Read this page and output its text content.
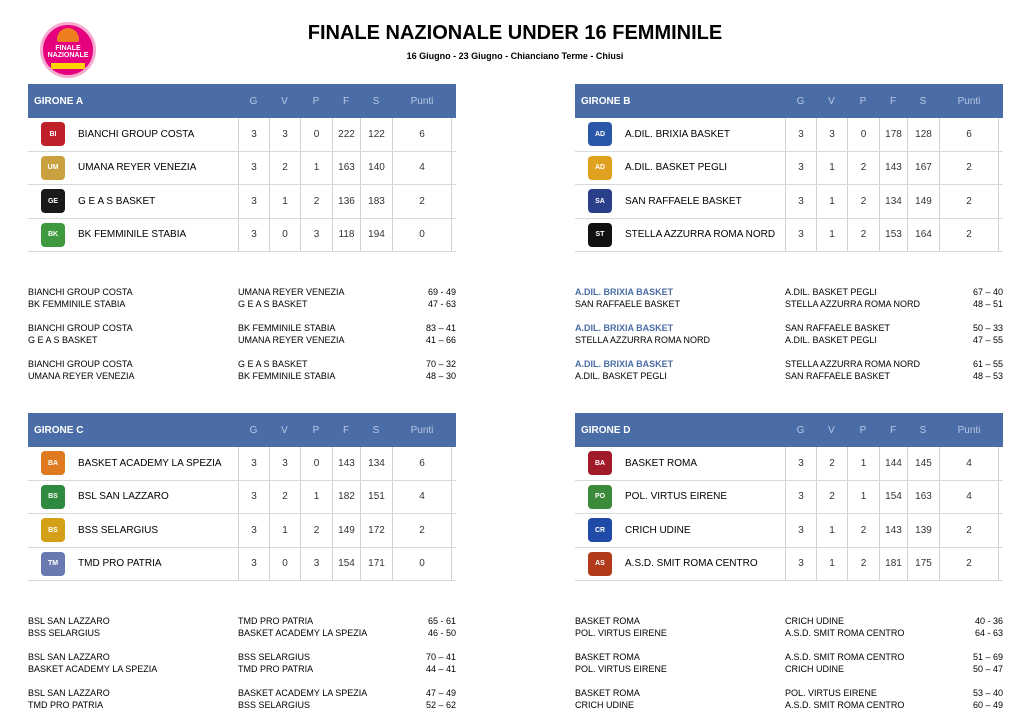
FINALE
NAZIONALE
FINALE NAZIONALE UNDER 16 FEMMINILE
16 Giugno - 23 Giugno - Chianciano Terme - Chiusi
GIRONE A	G	V	P	F	S	Punti
BI	BIANCHI GROUP COSTA	3	3	0	222	122	6
UM	UMANA REYER VENEZIA	3	2	1	163	140	4
GE	G E A S BASKET	3	1	2	136	183	2
BK	BK FEMMINILE STABIA	3	0	3	118	194	0
GIRONE B	G	V	P	F	S	Punti
AD	A.DIL. BRIXIA BASKET	3	3	0	178	128	6
AD	A.DIL. BASKET PEGLI	3	1	2	143	167	2
SA	SAN RAFFAELE BASKET	3	1	2	134	149	2
ST	STELLA AZZURRA ROMA NORD	3	1	2	153	164	2
GIRONE C	G	V	P	F	S	Punti
BA	BASKET ACADEMY LA SPEZIA	3	3	0	143	134	6
BS	BSL SAN LAZZARO	3	2	1	182	151	4
BS	BSS SELARGIUS	3	1	2	149	172	2
TM	TMD PRO PATRIA	3	0	3	154	171	0
GIRONE D	G	V	P	F	S	Punti
BA	BASKET ROMA	3	2	1	144	145	4
PO	POL. VIRTUS EIRENE	3	2	1	154	163	4
CR	CRICH UDINE	3	1	2	143	139	2
AS	A.S.D. SMIT ROMA CENTRO	3	1	2	181	175	2
BIANCHI GROUP COSTA	UMANA REYER VENEZIA	69 - 49
BK FEMMINILE STABIA	G E A S BASKET	47 - 63
BIANCHI GROUP COSTA	BK FEMMINILE STABIA	83 – 41
G E A S BASKET	UMANA REYER VENEZIA	41 – 66
BIANCHI GROUP COSTA	G E A S BASKET	70 – 32
UMANA REYER VENEZIA	BK FEMMINILE STABIA	48 – 30
A.DIL. BRIXIA BASKET	A.DIL. BASKET PEGLI	67 – 40
SAN RAFFAELE BASKET	STELLA AZZURRA ROMA NORD	48 – 51
A.DIL. BRIXIA BASKET	SAN RAFFAELE BASKET	50 – 33
STELLA AZZURRA ROMA NORD	A.DIL. BASKET PEGLI	47 – 55
A.DIL. BRIXIA BASKET	STELLA AZZURRA ROMA NORD	61 – 55
A.DIL. BASKET PEGLI	SAN RAFFAELE BASKET	48 – 53
BSL SAN LAZZARO	TMD PRO PATRIA	65 - 61
BSS SELARGIUS	BASKET ACADEMY LA SPEZIA	46 - 50
BSL SAN LAZZARO	BSS SELARGIUS	70 – 41
BASKET ACADEMY LA SPEZIA	TMD PRO PATRIA	44 – 41
BSL SAN LAZZARO	BASKET ACADEMY LA SPEZIA	47 – 49
TMD PRO PATRIA	BSS SELARGIUS	52 – 62
BASKET ROMA	CRICH UDINE	40 - 36
POL. VIRTUS EIRENE	A.S.D. SMIT ROMA CENTRO	64 - 63
BASKET ROMA	A.S.D. SMIT ROMA CENTRO	51 – 69
POL. VIRTUS EIRENE	CRICH UDINE	50 – 47
BASKET ROMA	POL. VIRTUS EIRENE	53 – 40
CRICH UDINE	A.S.D. SMIT ROMA CENTRO	60 – 49
